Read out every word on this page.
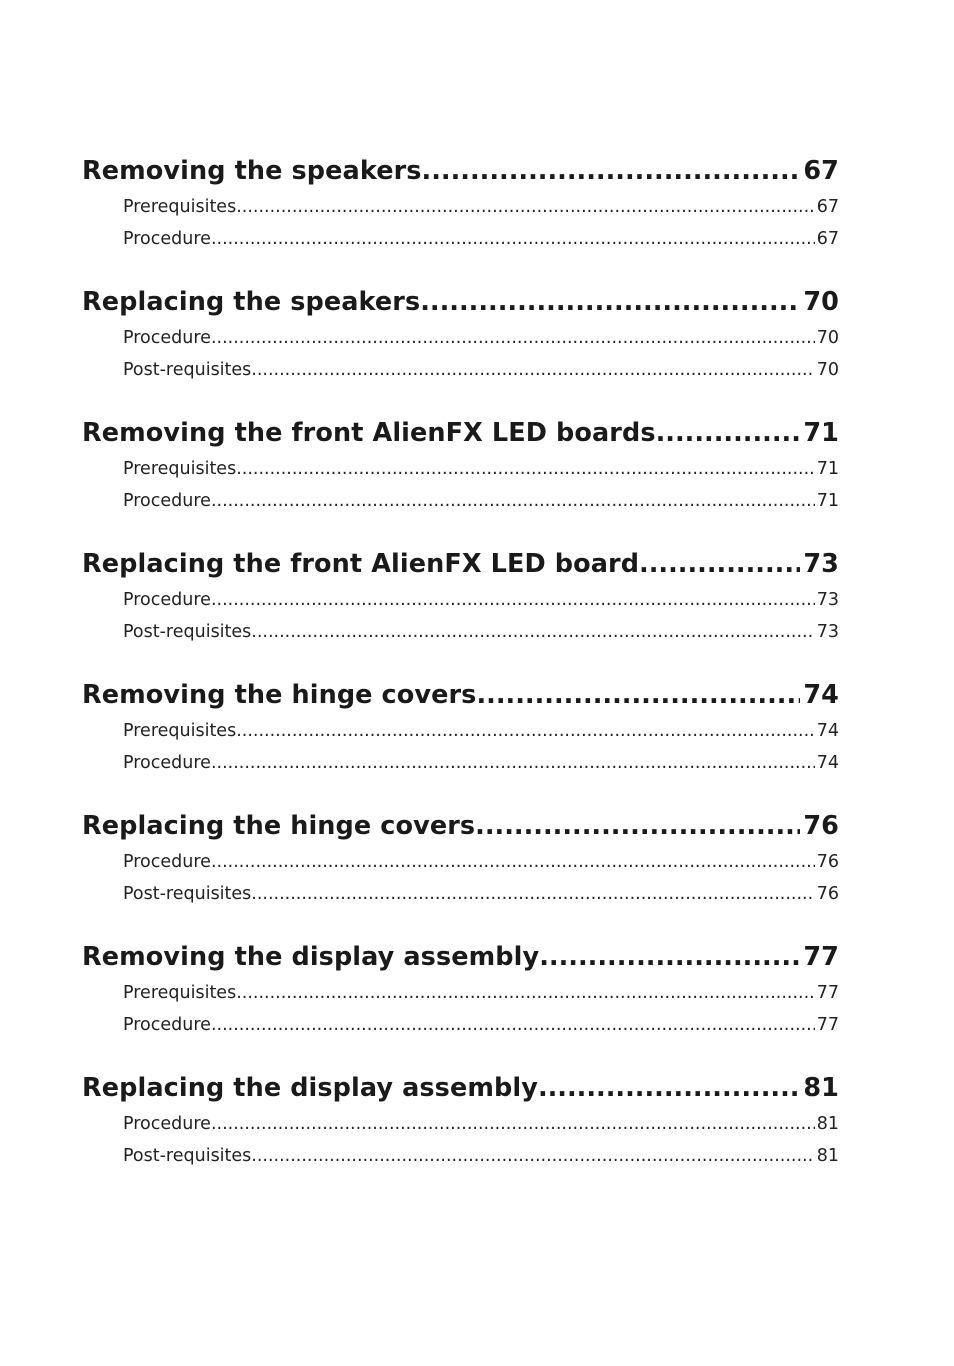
Removing the speakers .....	67
Prerequisites .....	67
Procedure .....	67
Replacing the speakers .....	70
Procedure .....	70
Post-requisites .....	70
Removing the front AlienFX LED boards .....	71
Prerequisites .....	71
Procedure .....	71
Replacing the front AlienFX LED board .....	73
Procedure .....	73
Post-requisites .....	73
Removing the hinge covers .....	74
Prerequisites .....	74
Procedure .....	74
Replacing the hinge covers .....	76
Procedure .....	76
Post-requisites .....	76
Removing the display assembly .....	77
Prerequisites .....	77
Procedure .....	77
Replacing the display assembly .....	81
Procedure .....	81
Post-requisites .....	81
